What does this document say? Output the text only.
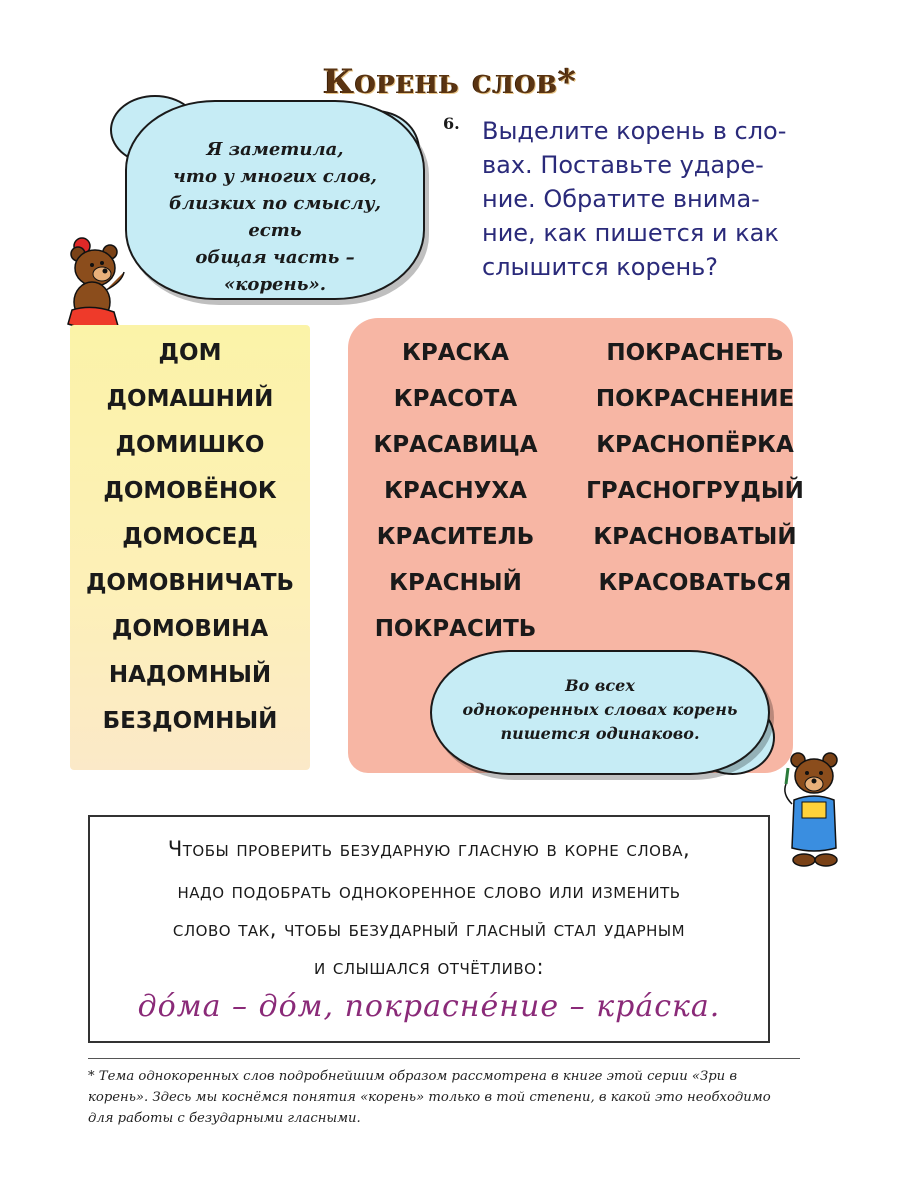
Корень слов*
Я заметила,
что у многих слов,
близких по смыслу, есть
общая часть –
«корень».
6. Выделите корень в сло-
вах. Поставьте ударе-
ние. Обратите внима-
ние, как пишется и как
слышится корень?
ДОМ
ДОМАШНИЙ
ДОМИШКО
ДОМОВЁНОК
ДОМОСЕД
ДОМОВНИЧАТЬ
ДОМОВИНА
НАДОМНЫЙ
БЕЗДОМНЫЙ
КРАСКА
КРАСОТА
КРАСАВИЦА
КРАСНУХА
КРАСИТЕЛЬ
КРАСНЫЙ
ПОКРАСИТЬ
ПОКРАСНЕТЬ
ПОКРАСНЕНИЕ
КРАСНОПЁРКА
ГРАСНОГРУДЫЙ
КРАСНОВАТЫЙ
КРАСОВАТЬСЯ
Во всех
однокоренных словах корень
пишется одинаково.
Чтобы проверить безударную гласную в корне слова,
надо подобрать однокоренное слово или изменить
слово так, чтобы безударный гласный стал ударным
и слышался отчётливо:
до́ма – до́м, покрасне́ние – кра́ска.
* Тема однокоренных слов подробнейшим образом рассмотрена в книге этой серии «Зри в корень». Здесь мы коснёмся понятия «корень» только в той степени, в какой это необходимо для работы с безударными гласными.
